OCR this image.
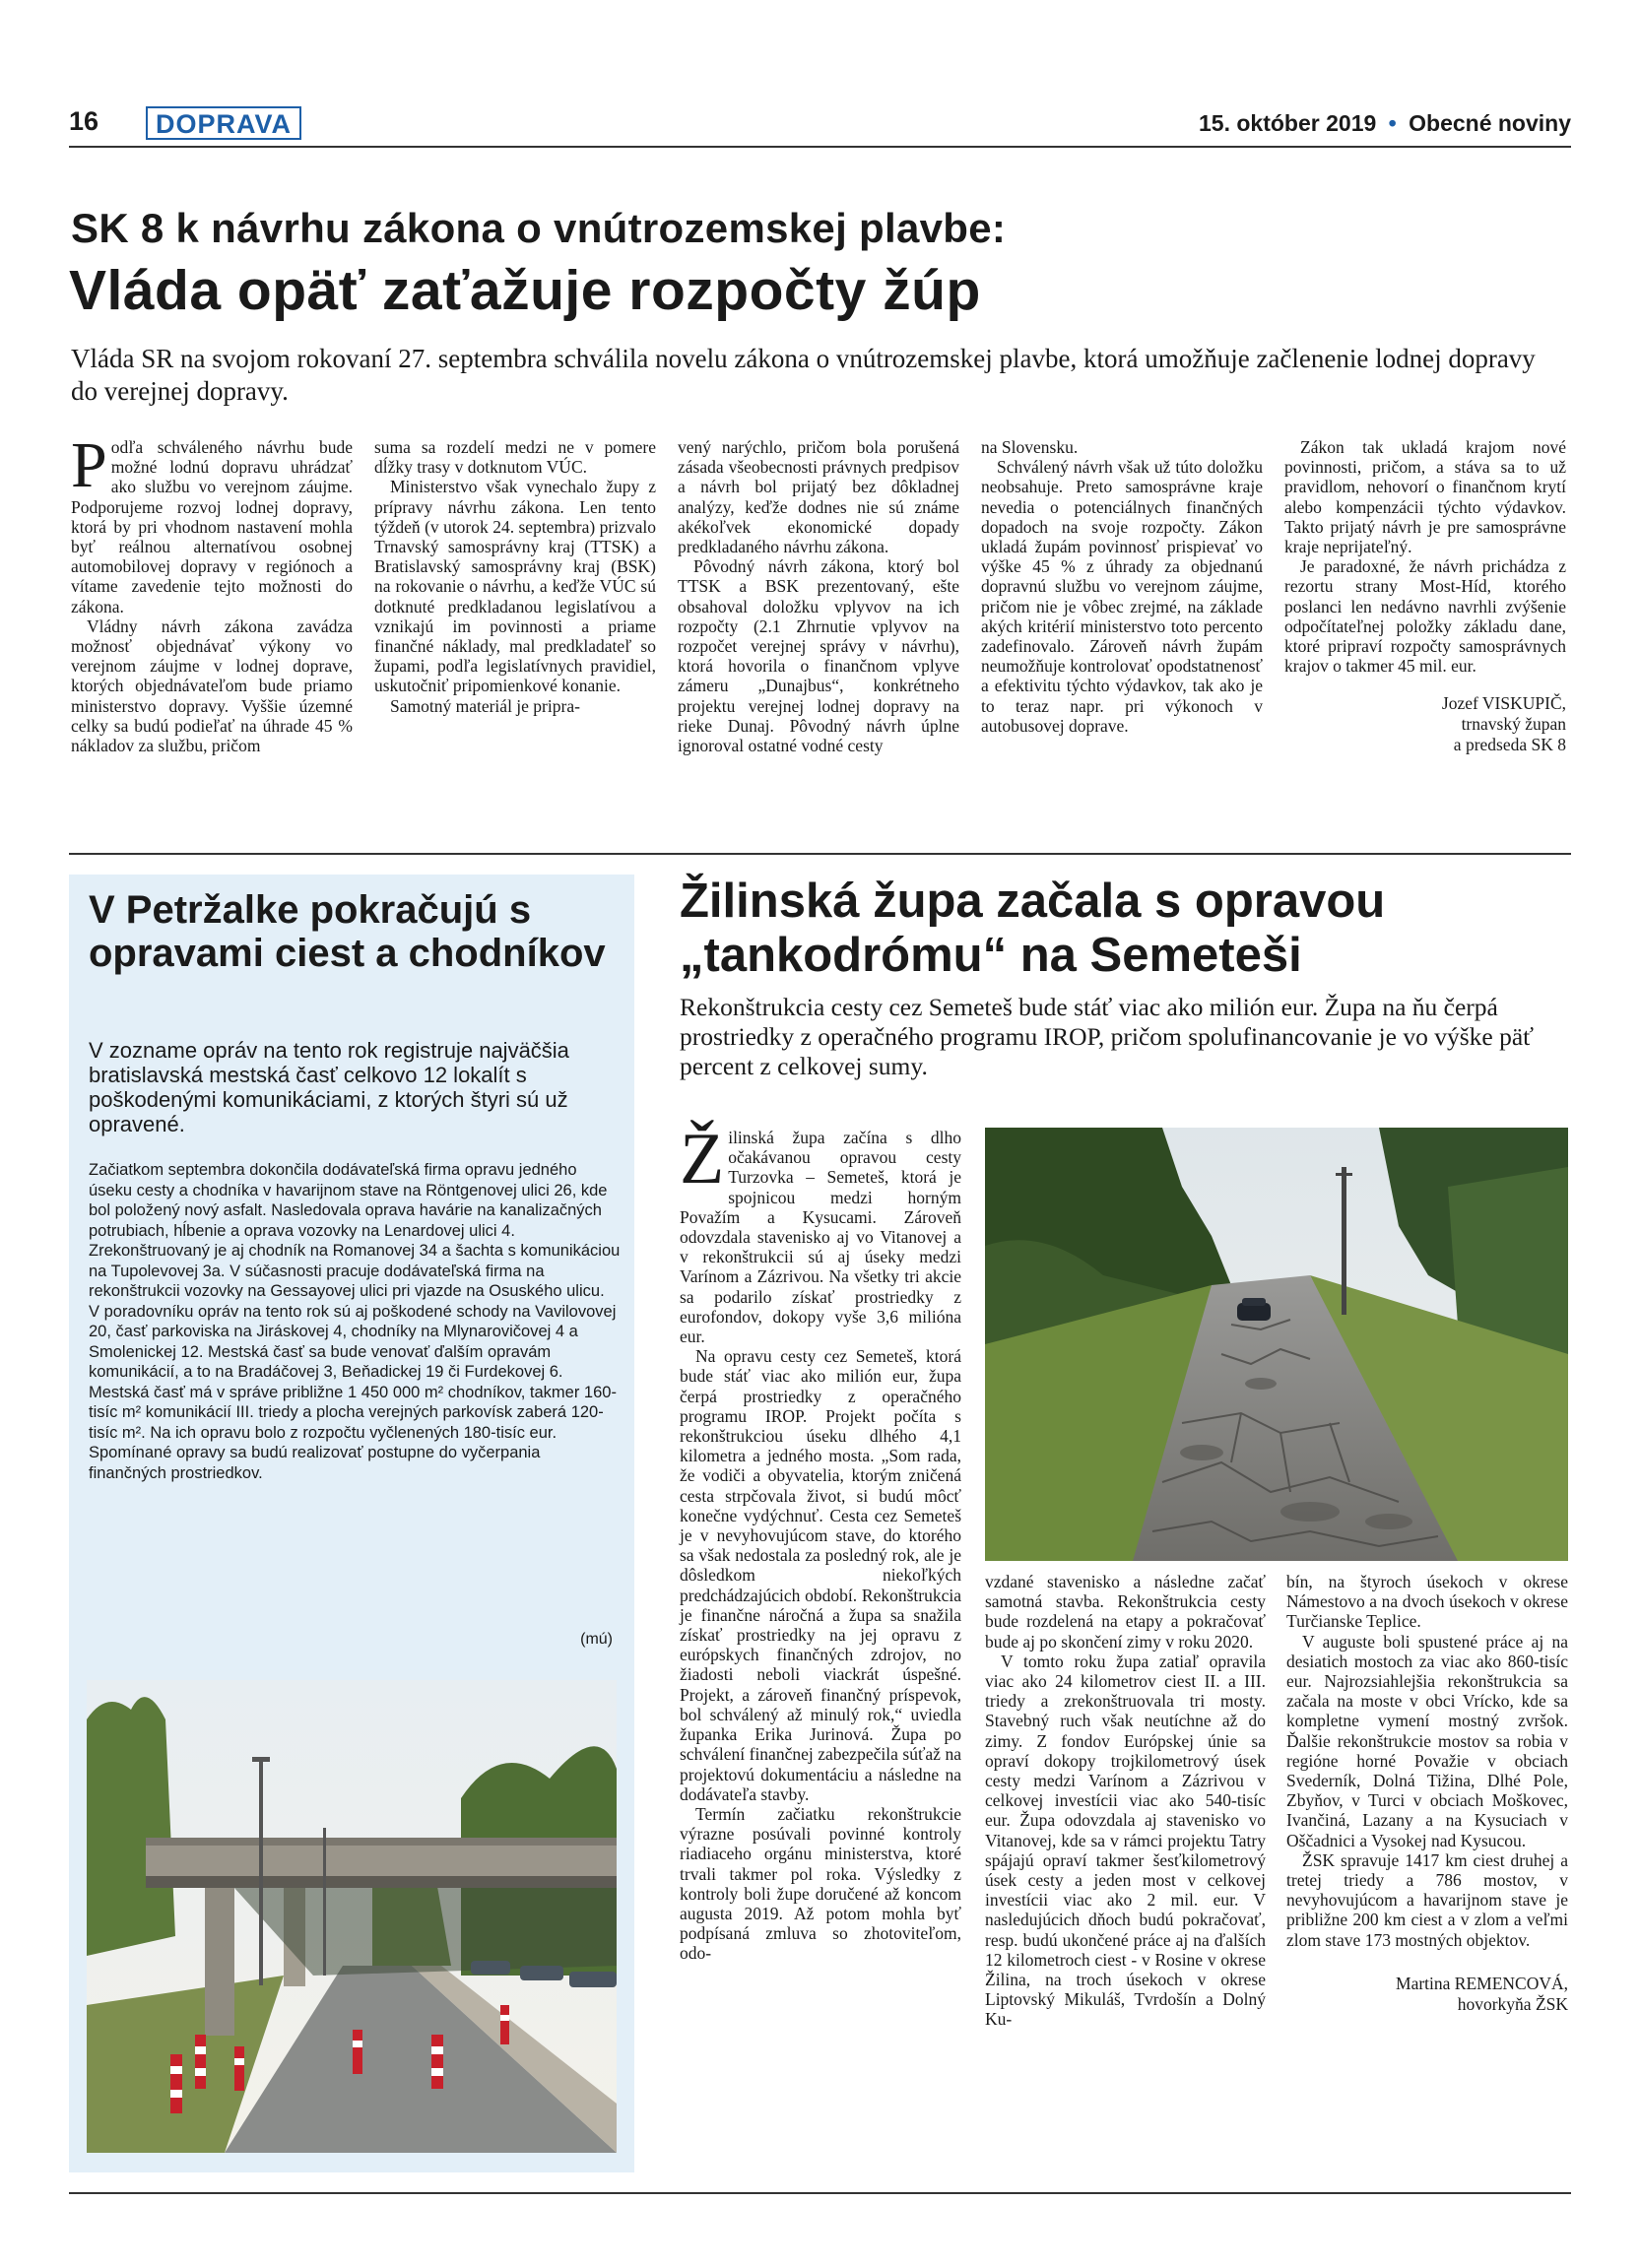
16	DOPRAVA	15. október 2019 • Obecné noviny
SK 8 k návrhu zákona o vnútrozemskej plavbe:
Vláda opäť zaťažuje rozpočty žúp
Vláda SR na svojom rokovaní 27. septembra schválila novelu zákona o vnútrozemskej plavbe, ktorá umožňuje začlenenie lodnej dopravy do verejnej dopravy.
P odľa schváleného návrhu bude možné lodnú dopravu uhrádzať ako službu vo verejnom záujme. Podporujeme rozvoj lodnej dopravy, ktorá by pri vhodnom nastavení mohla byť reálnou alternatívou osobnej automobilovej dopravy v regiónoch a vítame zavedenie tejto možnosti do zákona.

Vládny návrh zákona zavádza možnosť objednávať výkony vo verejnom záujme v lodnej doprave, ktorých objednávateľom bude priamo ministerstvo dopravy. Vyššie územné celky sa budú podieľať na úhrade 45 % nákladov za službu, pričom

suma sa rozdelí medzi ne v pomere dĺžky trasy v dotknutom VÚC.

Ministerstvo však vynechalo župy z prípravy návrhu zákona. Len tento týždeň (v utorok 24. septembra) prizvalo Trnavský samosprávny kraj (TTSK) a Bratislavský samosprávny kraj (BSK) na rokovanie o návrhu, a keďže VÚC sú dotknuté predkladanou legislatívou a vznikajú im povinnosti a priame finančné náklady, mal predkladateľ so župami, podľa legislatívnych pravidiel, uskutočniť pripomienkové konanie.

Samotný materiál je pripra-

vený narýchlo, pričom bola porušená zásada všeobecnosti právnych predpisov a návrh bol prijatý bez dôkladnej analýzy, keďže dodnes nie sú známe akékoľvek ekonomické dopady predkladaného návrhu zákona.

Pôvodný návrh zákona, ktorý bol TTSK a BSK prezentovaný, ešte obsahoval doložku vplyvov na ich rozpočty (2.1 Zhrnutie vplyvov na rozpočet verejnej správy v návrhu), ktorá hovorila o finančnom vplyve zámeru „Dunajbus“, konkrétneho projektu verejnej lodnej dopravy na rieke Dunaj. Pôvodný návrh úplne ignoroval ostatné vodné cesty

na Slovensku.

Schválený návrh však už túto doložku neobsahuje. Preto samosprávne kraje nevedia o potenciálnych finančných dopadoch na svoje rozpočty. Zákon ukladá župám povinnosť prispievať vo výške 45 % z úhrady za objednanú dopravnú službu vo verejnom záujme, pričom nie je vôbec zrejmé, na základe akých kritérií ministerstvo toto percento zadefinovalo. Zároveň návrh župám neumožňuje kontrolovať opodstatnenosť a efektivitu týchto výdavkov, tak ako je to teraz napr. pri výkonoch v autobusovej doprave.

Zákon tak ukladá krajom nové povinnosti, pričom, a stáva sa to už pravidlom, nehovorí o finančnom krytí alebo kompenzácii týchto výdavkov. Takto prijatý návrh je pre samosprávne kraje neprijateľný.

Je paradoxné, že návrh prichádza z rezortu strany Most-Híd, ktorého poslanci len nedávno navrhli zvýšenie odpočítateľnej položky základu dane, ktoré pripraví rozpočty samosprávnych krajov o takmer 45 mil. eur.

Jozef VISKUPIČ,
trnavský župan
a predseda SK 8
V Petržalke pokračujú s opravami ciest a chodníkov
V zozname opráv na tento rok registruje najväčšia bratislavská mestská časť celkovo 12 lokalít s poškodenými komunikáciami, z ktorých štyri sú už opravené.

Začiatkom septembra dokončila dodávateľská firma opravu jedného úseku cesty a chodníka v havarijnom stave na Röntgenovej ulici 26, kde bol položený nový asfalt. Nasledovala oprava havárie na kanalizačných potrubiach, hĺbenie a oprava vozovky na Lenardovej ulici 4. Zrekonštruovaný je aj chodník na Romanovej 34 a šachta s komunikáciou na Tupolevovej 3a. V súčasnosti pracuje dodávateľská firma na rekonštrukcii vozovky na Gessayovej ulici pri vjazde na Osuského ulicu.

V poradovníku opráv na tento rok sú aj poškodené schody na Vavilovovej 20, časť parkoviska na Jiráskovej 4, chodníky na Mlynarovičovej 4 a Smolenickej 12. Mestská časť sa bude venovať ďalším opravám komunikácií, a to na Bradáčovej 3, Beňadickej 19 či Furdekovej 6.

Mestská časť má v správe približne 1 450 000 m² chodníkov, takmer 160-tisíc m² komunikácií III. triedy a plocha verejných parkovísk zaberá 120-tisíc m². Na ich opravu bolo z rozpočtu vyčlenených 180-tisíc eur. Spomínané opravy sa budú realizovať postupne do vyčerpania finančných prostriedkov.

(mú)
Žilinská župa začala s opravou
„tankodrómu“ na Semeteši
Rekonštrukcia cesty cez Semeteš bude stáť viac ako milión eur. Župa na ňu čerpá prostriedky z operačného programu IROP, pričom spolufinancovanie je vo výške päť percent z celkovej sumy.
Ž ilinská župa začína s dlho očakávanou opravou cesty Turzovka – Semeteš, ktorá je spojnicou medzi horným Považím a Kysucami. Zároveň odovzdala stavenisko aj vo Vitanovej a v rekonštrukcii sú aj úseky medzi Varínom a Zázrivou. Na všetky tri akcie sa podarilo získať prostriedky z eurofondov, dokopy vyše 3,6 milióna eur.

Na opravu cesty cez Semeteš, ktorá bude stáť viac ako milión eur, župa čerpá prostriedky z operačného programu IROP. Projekt počíta s rekonštrukciou úseku dlhého 4,1 kilometra a jedného mosta. „Som rada, že vodiči a obyvatelia, ktorým zničená cesta strpčovala život, si budú môcť konečne vydýchnuť. Cesta cez Semeteš je v nevyhovujúcom stave, do ktorého sa však nedostala za posledný rok, ale je dôsledkom niekoľkých predchádzajúcich období. Rekonštrukcia je finančne náročná a župa sa snažila získať prostriedky na jej opravu z európskych finančných zdrojov, no žiadosti neboli viackrát úspešné. Projekt, a zároveň finančný príspevok, bol schválený až minulý rok,“ uviedla županka Erika Jurinová. Župa po schválení finančnej zabezpečila súťaž na projektovú dokumentáciu a následne na dodávateľa stavby.

Termín začiatku rekonštrukcie výrazne posúvali povinné kontroly riadiaceho orgánu ministerstva, ktoré trvali takmer pol roka. Výsledky z kontroly boli župe doručené až koncom augusta 2019. Až potom mohla byť podpísaná zmluva so zhotoviteľom, odo-

vzdané stavenisko a následne začať samotná stavba. Rekonštrukcia cesty bude rozdelená na etapy a pokračovať bude aj po skončení zimy v roku 2020.

V tomto roku župa zatiaľ opravila viac ako 24 kilometrov ciest II. a III. triedy a zrekonštruovala tri mosty. Stavebný ruch však neutíchne až do zimy. Z fondov Európskej únie sa opraví dokopy trojkilometrový úsek cesty medzi Varínom a Zázrivou v celkovej investícii viac ako 540-tisíc eur. Župa odovzdala aj stavenisko vo Vitanovej, kde sa v rámci projektu Tatry spájajú opraví takmer šesťkilometrový úsek cesty a jeden most v celkovej investícii viac ako 2 mil. eur. V nasledujúcich dňoch budú pokračovať, resp. budú ukončené práce aj na ďalších 12 kilometroch ciest - v Rosine v okrese Žilina, na troch úsekoch v okrese Liptovský Mikuláš, Tvrdošín a Dolný Ku-

bín, na štyroch úsekoch v okrese Námestovo a na dvoch úsekoch v okrese Turčianske Teplice.

V auguste boli spustené práce aj na desiatich mostoch za viac ako 860-tisíc eur. Najrozsiahlejšia rekonštrukcia sa začala na moste v obci Vrícko, kde sa kompletne vymení mostný zvršok. Ďalšie rekonštrukcie mostov sa robia v regióne horné Považie v obciach Svederník, Dolná Tižina, Dlhé Pole, Zbyňov, v Turci v obciach Moškovec, Ivančiná, Lazany a na Kysuciach v Oščadnici a Vysokej nad Kysucou.

ŽSK spravuje 1417 km ciest druhej a tretej triedy a 786 mostov, v nevyhovujúcom a havarijnom stave je približne 200 km ciest a v zlom a veľmi zlom stave 173 mostných objektov.

Martina REMENCOVÁ,
hovorkyňa ŽSK
